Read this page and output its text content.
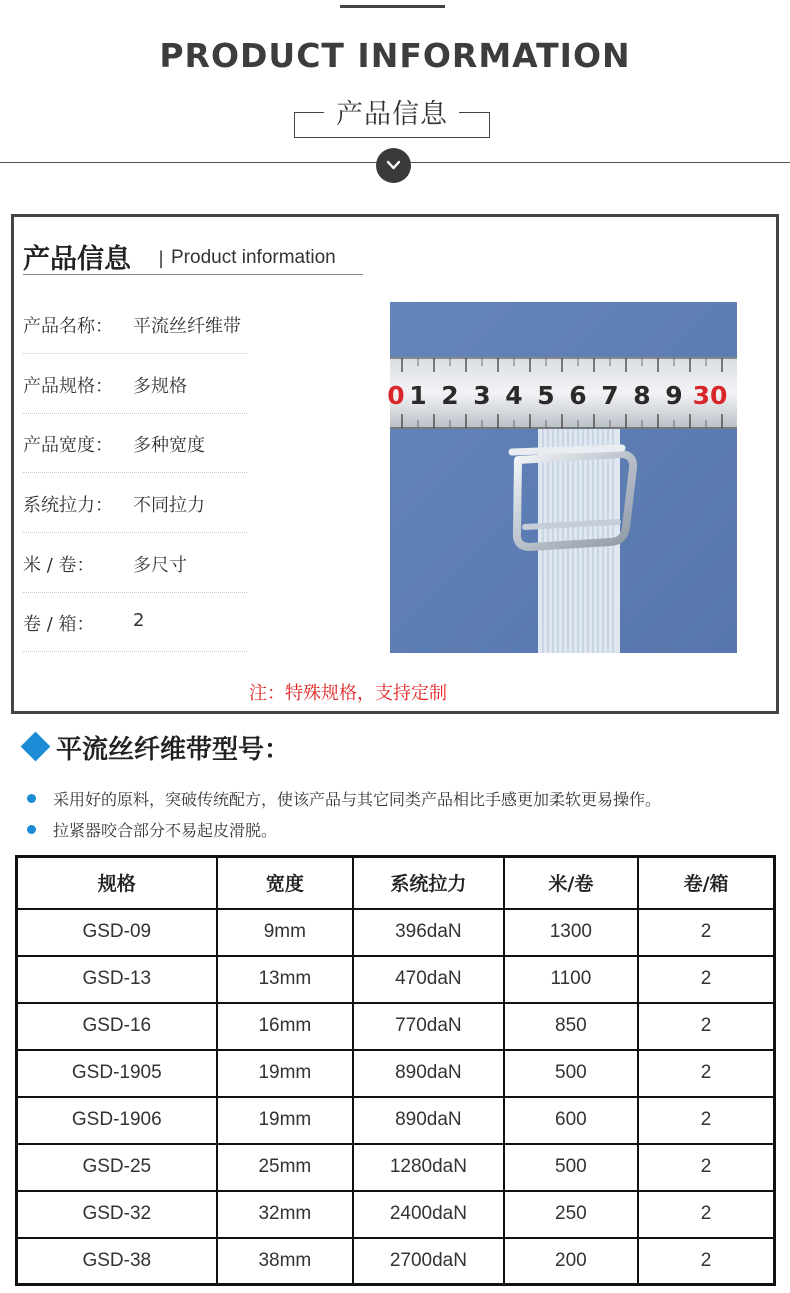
PRODUCT INFORMATION
产品信息
产品信息 | Product information
产品名称： 平流丝纤维带
产品规格： 多规格
产品宽度： 多种宽度
系统拉力： 不同拉力
米 / 卷： 多尺寸
卷 / 箱： 2
0 1 2 3 4 5 6 7 8 9 30
注：特殊规格，支持定制
平流丝纤维带型号：
采用好的原料，突破传统配方，使该产品与其它同类产品相比手感更加柔软更易操作。
拉紧器咬合部分不易起皮滑脱。
规格	宽度	系统拉力	米/卷	卷/箱
GSD-09	9mm	396daN	1300	2
GSD-13	13mm	470daN	1100	2
GSD-16	16mm	770daN	850	2
GSD-1905	19mm	890daN	500	2
GSD-1906	19mm	890daN	600	2
GSD-25	25mm	1280daN	500	2
GSD-32	32mm	2400daN	250	2
GSD-38	38mm	2700daN	200	2
